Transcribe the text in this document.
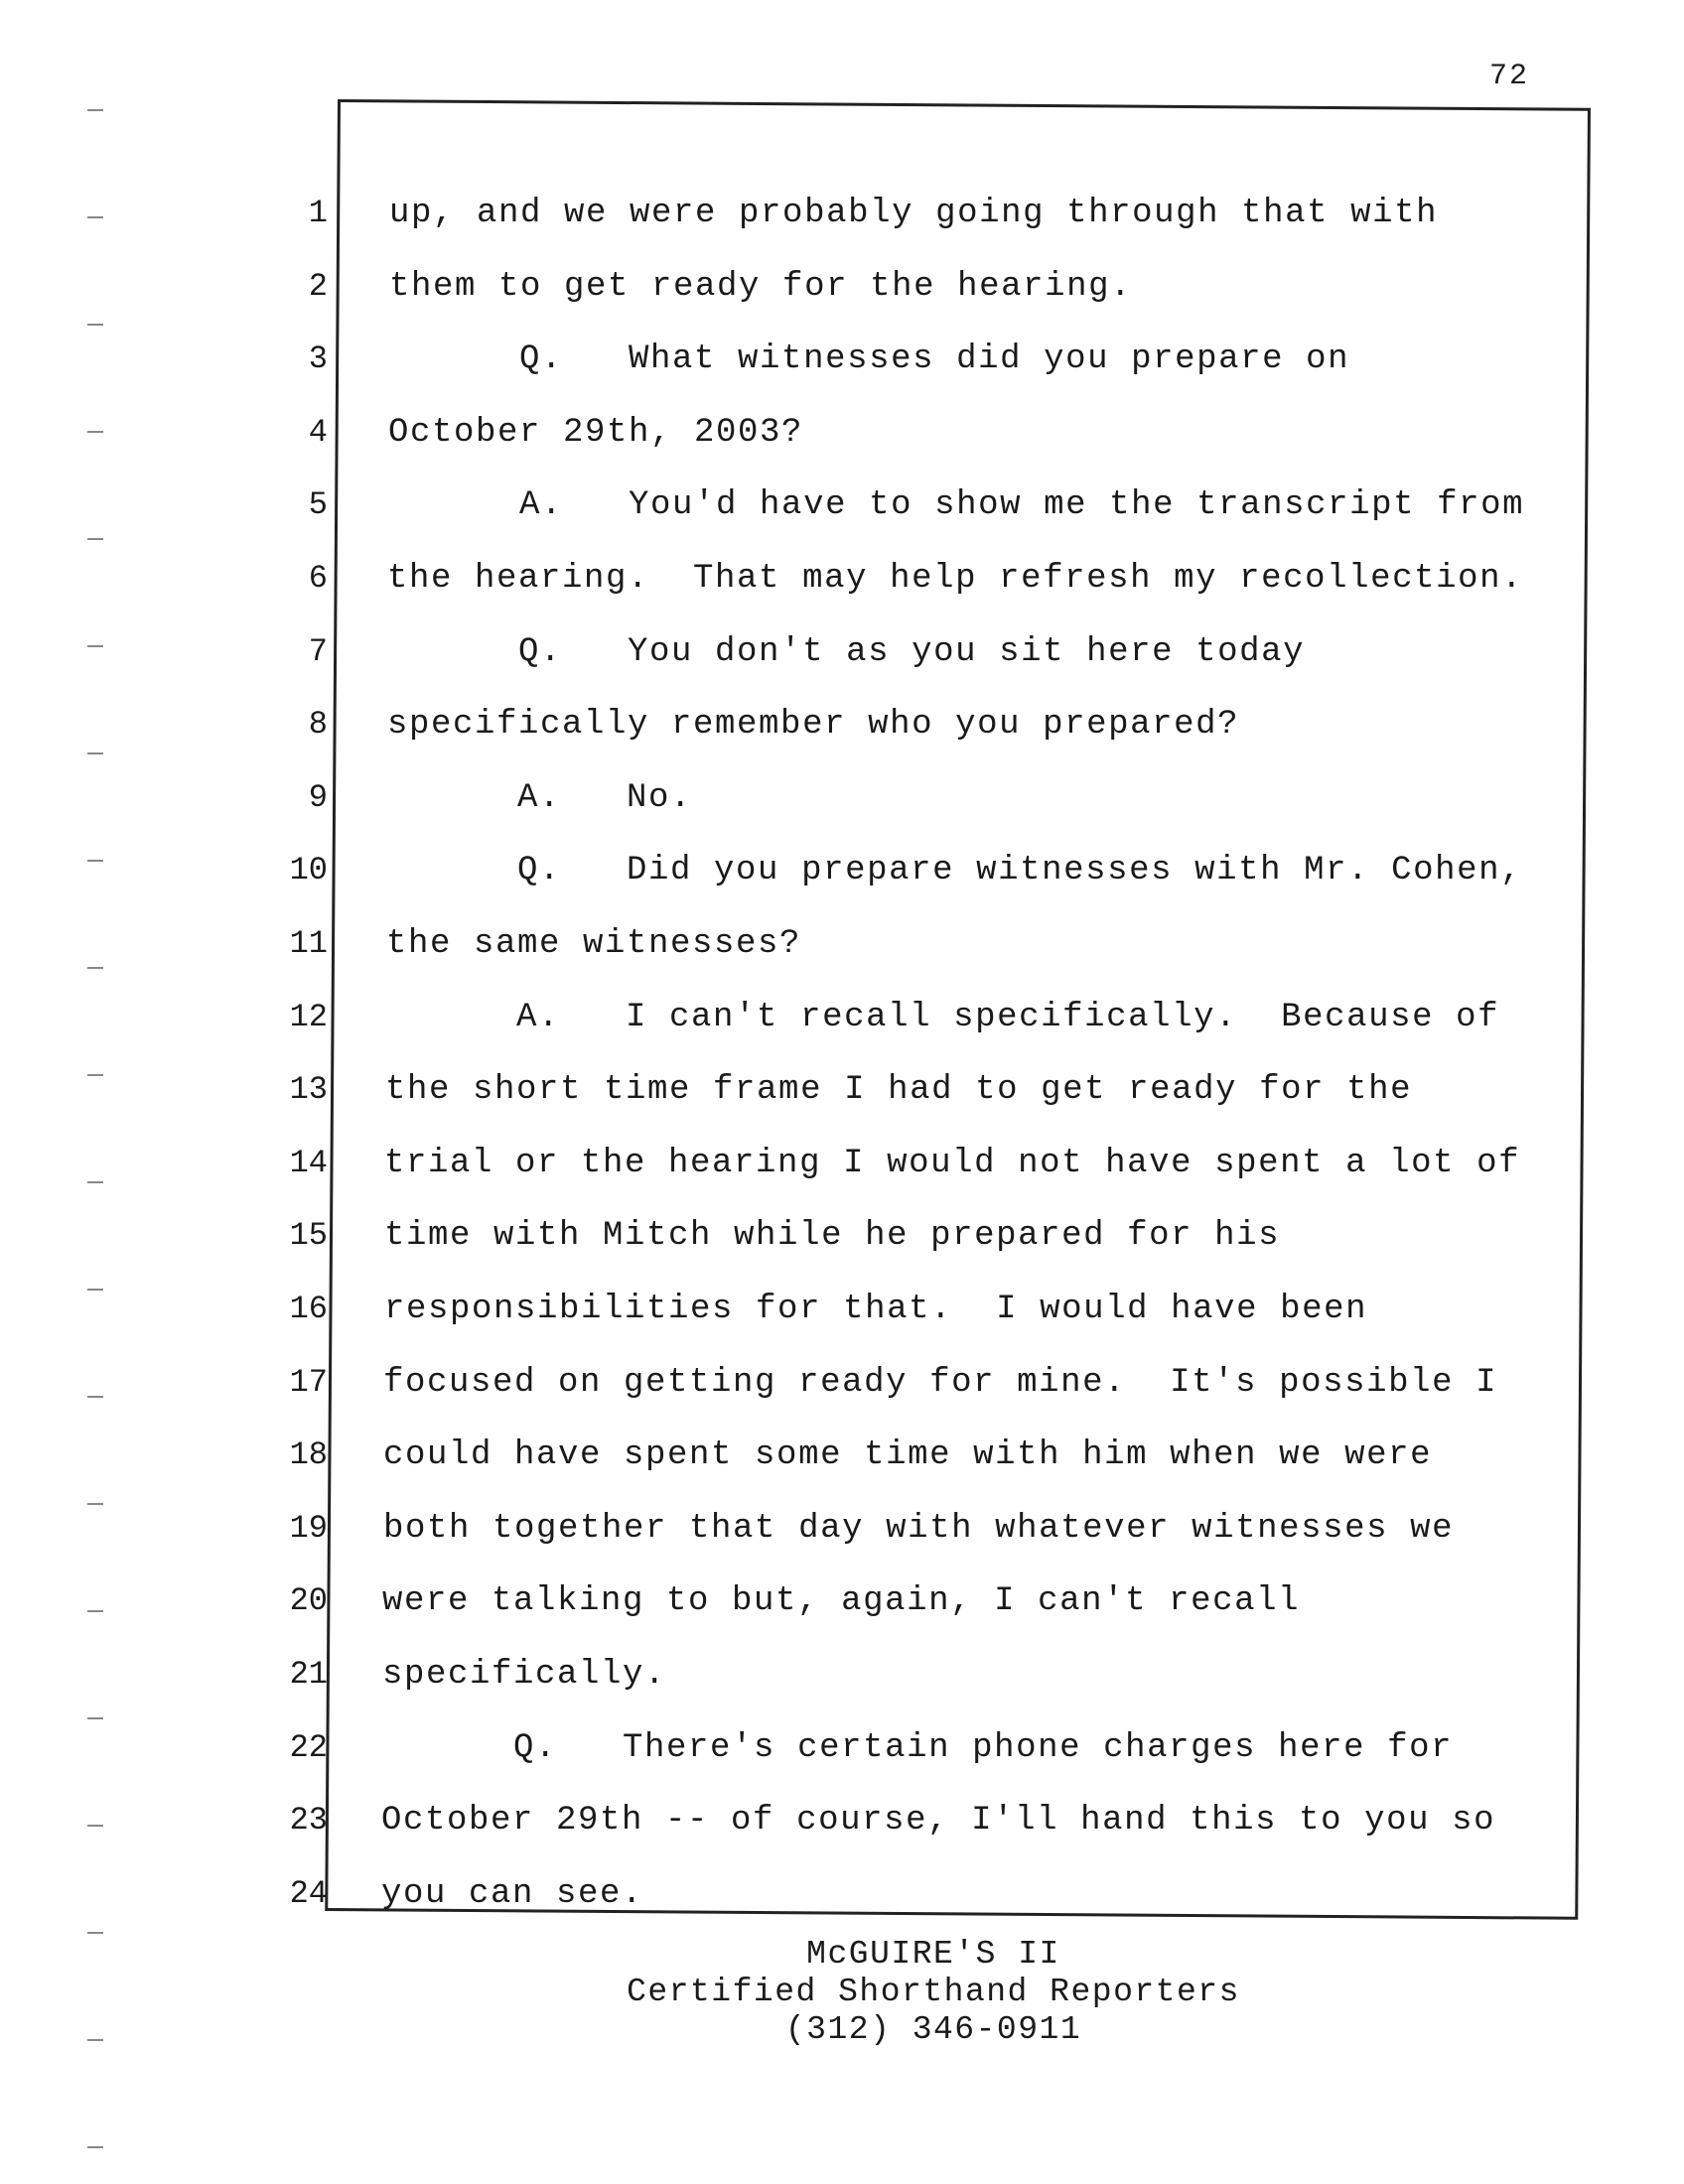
72
1
2
3
4
5
6
7
8
9
10
11
12
13
14
15
16
17
18
19
20
21
22
23
24
up, and we were probably going through that with
them to get ready for the hearing.
Q.   What witnesses did you prepare on
October 29th, 2003?
A.   You'd have to show me the transcript from
the hearing.  That may help refresh my recollection.
Q.   You don't as you sit here today
specifically remember who you prepared?
A.   No.
Q.   Did you prepare witnesses with Mr. Cohen,
the same witnesses?
A.   I can't recall specifically.  Because of
the short time frame I had to get ready for the
trial or the hearing I would not have spent a lot of
time with Mitch while he prepared for his
responsibilities for that.  I would have been
focused on getting ready for mine.  It's possible I
could have spent some time with him when we were
both together that day with whatever witnesses we
were talking to but, again, I can't recall
specifically.
Q.   There's certain phone charges here for
October 29th -- of course, I'll hand this to you so
you can see.
McGUIRE'S II
Certified Shorthand Reporters
(312) 346-0911
